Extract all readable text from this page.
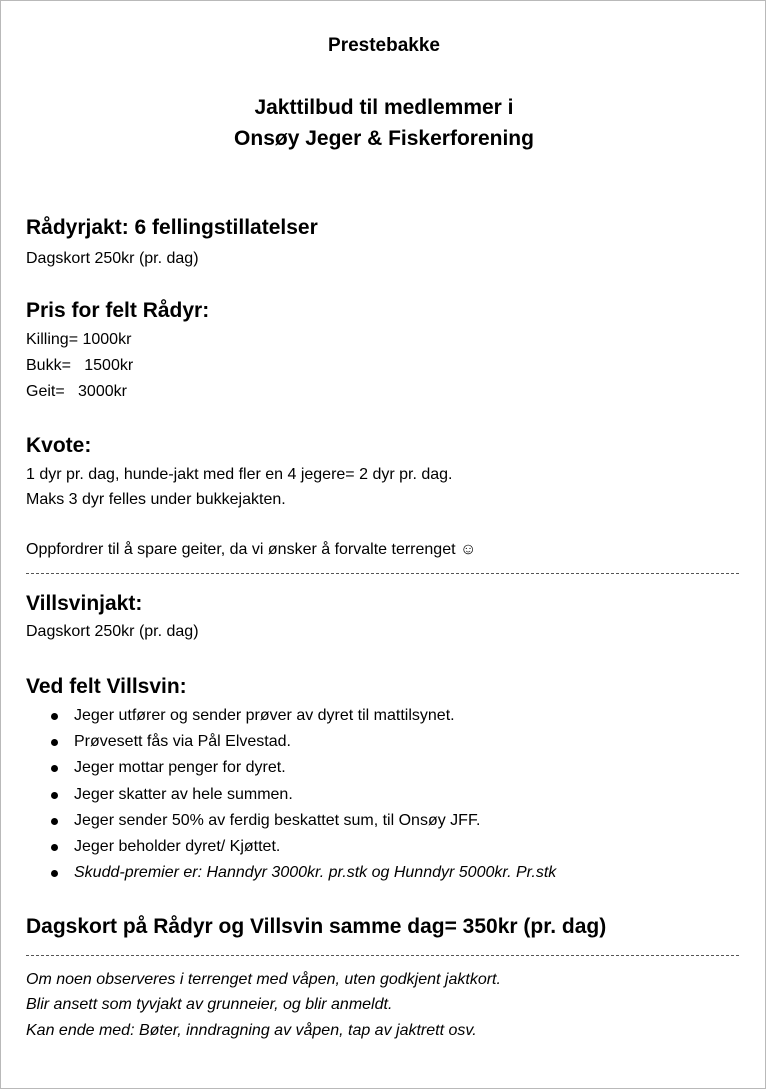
Prestebakke
Jakttilbud til medlemmer i
Onsøy Jeger & Fiskerforening
Rådyrjakt: 6 fellingstillatelser
Dagskort 250kr (pr. dag)
Pris for felt Rådyr:
Killing= 1000kr
Bukk=   1500kr
Geit=   3000kr
Kvote:
1 dyr pr. dag, hunde-jakt med fler en 4 jegere= 2 dyr pr. dag.
Maks 3 dyr felles under bukkejakten.
Oppfordrer til å spare geiter, da vi ønsker å forvalte terrenget ☺
Villsvinjakt:
Dagskort 250kr (pr. dag)
Ved felt Villsvin:
Jeger utfører og sender prøver av dyret til mattilsynet.
Prøvesett fås via Pål Elvestad.
Jeger mottar penger for dyret.
Jeger skatter av hele summen.
Jeger sender 50% av ferdig beskattet sum, til Onsøy JFF.
Jeger beholder dyret/ Kjøttet.
Skudd-premier er: Hanndyr 3000kr. pr.stk og Hunndyr 5000kr. Pr.stk
Dagskort på Rådyr og Villsvin samme dag= 350kr (pr. dag)
Om noen observeres i terrenget med våpen, uten godkjent jaktkort.
Blir ansett som tyvjakt av grunneier, og blir anmeldt.
Kan ende med: Bøter, inndragning av våpen, tap av jaktrett osv.
